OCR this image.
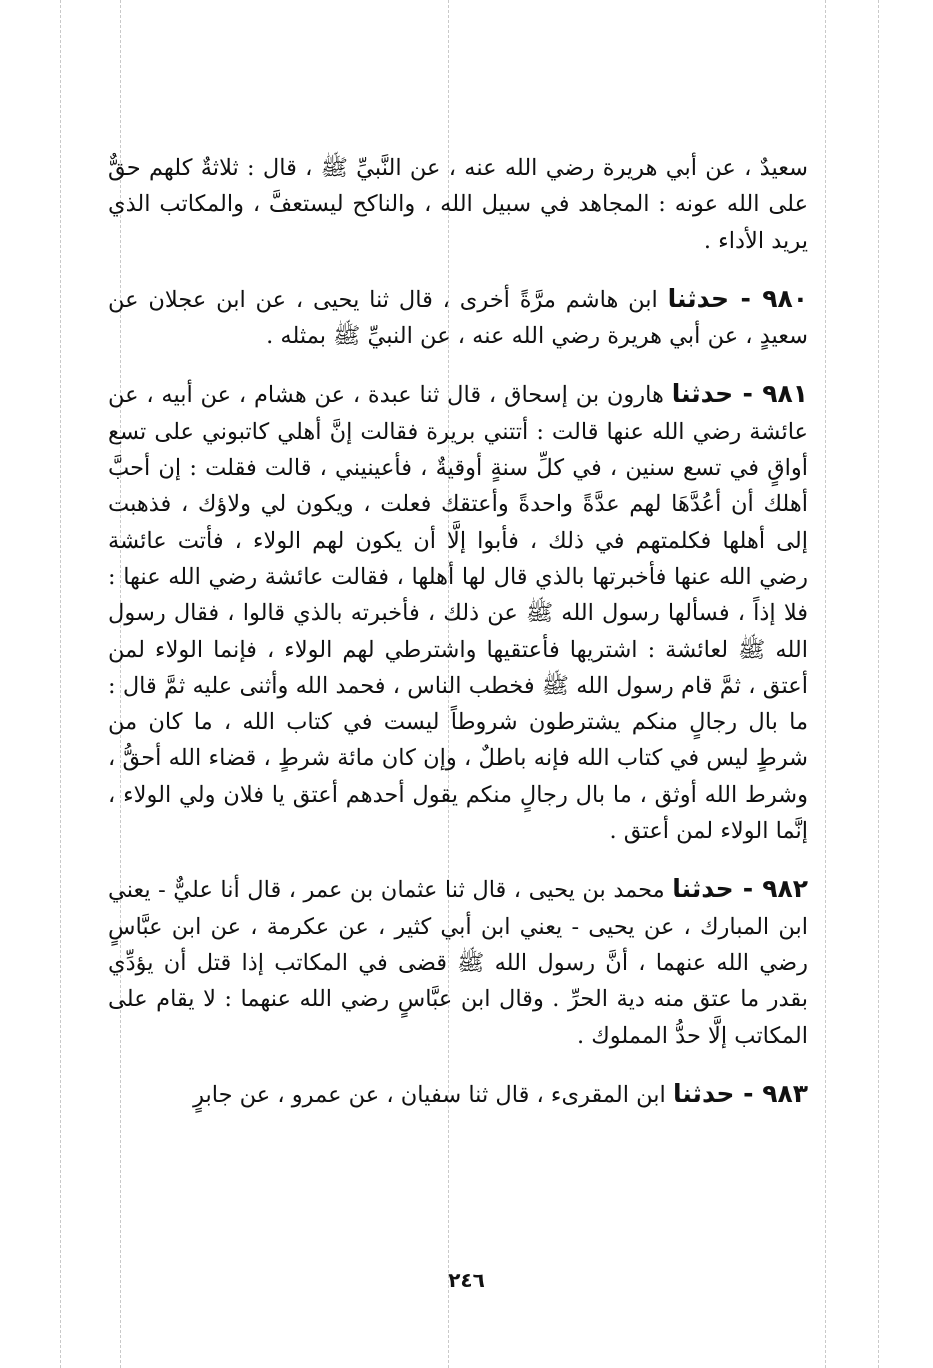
سعيدٌ ، عن أبي هريرة رضي الله عنه ، عن النَّبيِّ ﷺ ، قال : ثلاثةٌ كلهم حقٌّ على الله عونه : المجاهد في سبيل الله ، والناكح ليستعفَّ ، والمكاتب الذي يريد الأداء .

٩٨٠ - حدثنا ابن هاشم مرَّةً أخرى ، قال ثنا يحيى ، عن ابن عجلان عن سعيدٍ ، عن أبي هريرة رضي الله عنه ، عن النبيِّ ﷺ بمثله .

٩٨١ - حدثنا هارون بن إسحاق ، قال ثنا عبدة ، عن هشام ، عن أبيه ، عن عائشة رضي الله عنها قالت : أتتني بريرة فقالت إنَّ أهلي كاتبوني على تسع أواقٍ في تسع سنين ، في كلِّ سنةٍ أوقيةٌ ، فأعينيني ، قالت فقلت : إن أحبَّ أهلك أن أعُدَّهَا لهم عدَّةً واحدةً وأعتقك فعلت ، ويكون لي ولاؤك ، فذهبت إلى أهلها فكلمتهم في ذلك ، فأبوا إلَّا أن يكون لهم الولاء ، فأتت عائشة رضي الله عنها فأخبرتها بالذي قال لها أهلها ، فقالت عائشة رضي الله عنها : فلا إذاً ، فسألها رسول الله ﷺ عن ذلك ، فأخبرته بالذي قالوا ، فقال رسول الله ﷺ لعائشة : اشتريها فأعتقيها واشترطي لهم الولاء ، فإنما الولاء لمن أعتق ، ثمَّ قام رسول الله ﷺ فخطب الناس ، فحمد الله وأثنى عليه ثمَّ قال : ما بال رجالٍ منكم يشترطون شروطاً ليست في كتاب الله ، ما كان من شرطٍ ليس في كتاب الله فإنه باطلٌ ، وإن كان مائة شرطٍ ، قضاء الله أحقُّ ، وشرط الله أوثق ، ما بال رجالٍ منكم يقول أحدهم أعتق يا فلان ولي الولاء ، إنَّما الولاء لمن أعتق .

٩٨٢ - حدثنا محمد بن يحيى ، قال ثنا عثمان بن عمر ، قال أنا عليٌّ - يعني ابن المبارك ، عن يحيى - يعني ابن أبي كثير ، عن عكرمة ، عن ابن عبَّاسٍ رضي الله عنهما ، أنَّ رسول الله ﷺ قضى في المكاتب إذا قتل أن يؤدِّي بقدر ما عتق منه دية الحرِّ . وقال ابن عبَّاسٍ رضي الله عنهما : لا يقام على المكاتب إلَّا حدُّ المملوك .

٩٨٣ - حدثنا ابن المقرىء ، قال ثنا سفيان ، عن عمرو ، عن جابرٍ

٢٤٦
